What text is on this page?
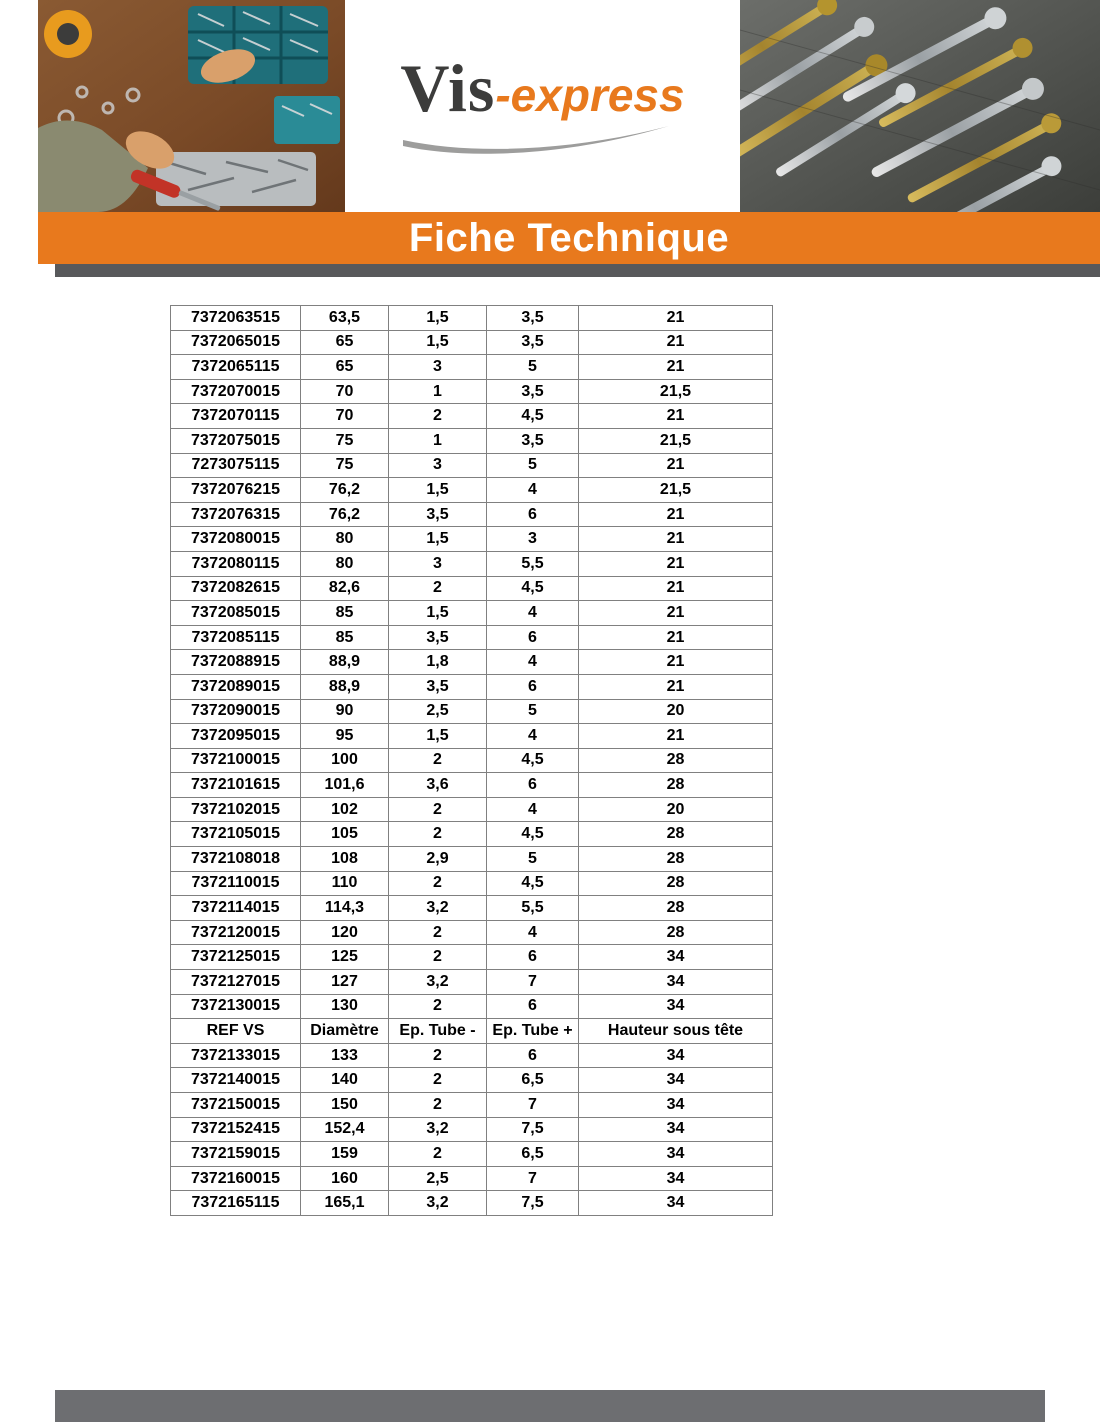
Vis-express
Fiche Technique
7372063515	63,5	1,5	3,5	21
7372065015	65	1,5	3,5	21
7372065115	65	3	5	21
7372070015	70	1	3,5	21,5
7372070115	70	2	4,5	21
7372075015	75	1	3,5	21,5
7273075115	75	3	5	21
7372076215	76,2	1,5	4	21,5
7372076315	76,2	3,5	6	21
7372080015	80	1,5	3	21
7372080115	80	3	5,5	21
7372082615	82,6	2	4,5	21
7372085015	85	1,5	4	21
7372085115	85	3,5	6	21
7372088915	88,9	1,8	4	21
7372089015	88,9	3,5	6	21
7372090015	90	2,5	5	20
7372095015	95	1,5	4	21
7372100015	100	2	4,5	28
7372101615	101,6	3,6	6	28
7372102015	102	2	4	20
7372105015	105	2	4,5	28
7372108018	108	2,9	5	28
7372110015	110	2	4,5	28
7372114015	114,3	3,2	5,5	28
7372120015	120	2	4	28
7372125015	125	2	6	34
7372127015	127	3,2	7	34
7372130015	130	2	6	34
REF VS	Diamètre	Ep. Tube -	Ep. Tube +	Hauteur sous tête
7372133015	133	2	6	34
7372140015	140	2	6,5	34
7372150015	150	2	7	34
7372152415	152,4	3,2	7,5	34
7372159015	159	2	6,5	34
7372160015	160	2,5	7	34
7372165115	165,1	3,2	7,5	34
